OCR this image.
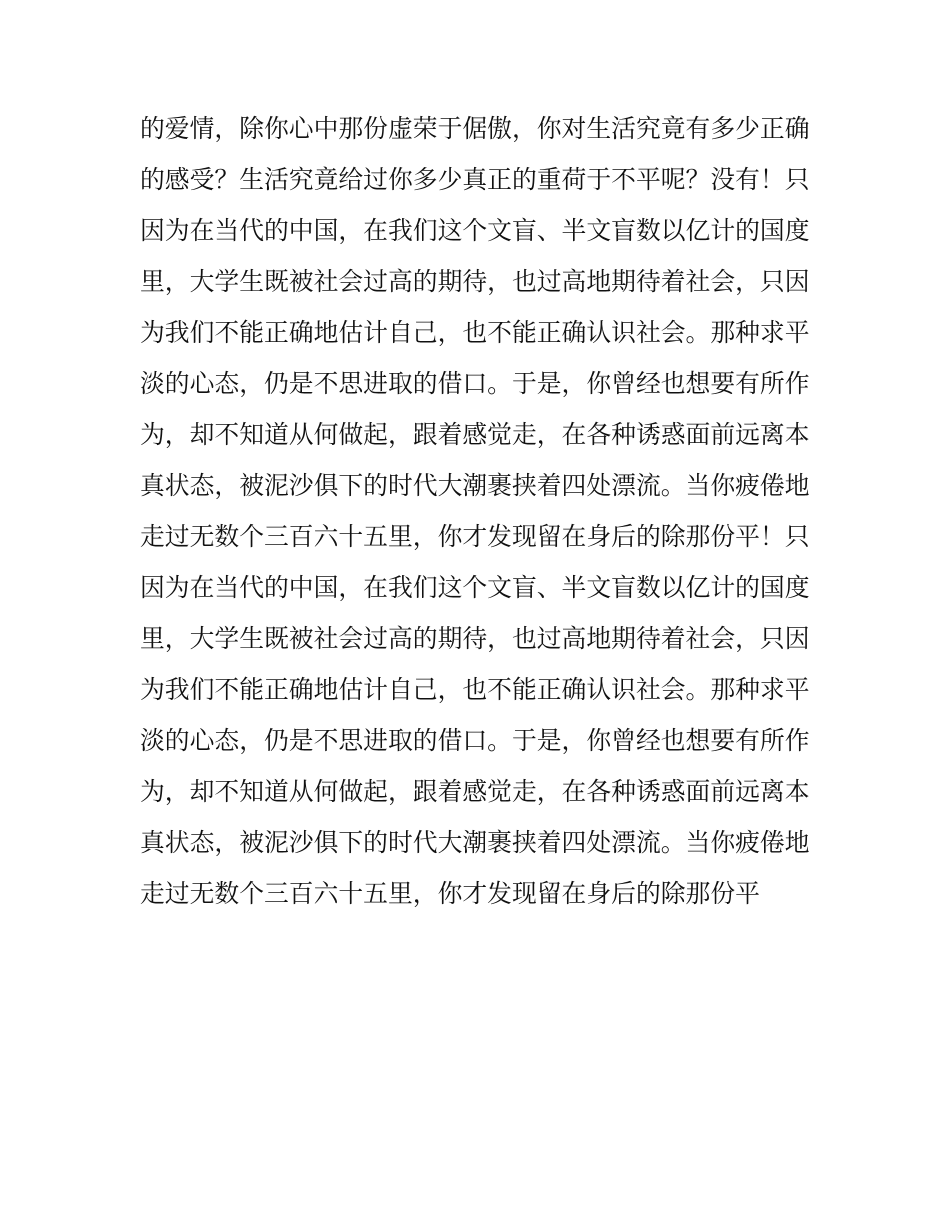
的爱情，除你心中那份虚荣于倨傲，你对生活究竟有多少正确
的感受？生活究竟给过你多少真正的重荷于不平呢？没有！只
因为在当代的中国，在我们这个文盲、半文盲数以亿计的国度
里，大学生既被社会过高的期待，也过高地期待着社会，只因
为我们不能正确地估计自己，也不能正确认识社会。那种求平
淡的心态，仍是不思进取的借口。于是，你曾经也想要有所作
为，却不知道从何做起，跟着感觉走，在各种诱惑面前远离本
真状态，被泥沙俱下的时代大潮裹挟着四处漂流。当你疲倦地
走过无数个三百六十五里，你才发现留在身后的除那份平！只
因为在当代的中国，在我们这个文盲、半文盲数以亿计的国度
里，大学生既被社会过高的期待，也过高地期待着社会，只因
为我们不能正确地估计自己，也不能正确认识社会。那种求平
淡的心态，仍是不思进取的借口。于是，你曾经也想要有所作
为，却不知道从何做起，跟着感觉走，在各种诱惑面前远离本
真状态，被泥沙俱下的时代大潮裹挟着四处漂流。当你疲倦地
走过无数个三百六十五里，你才发现留在身后的除那份平
